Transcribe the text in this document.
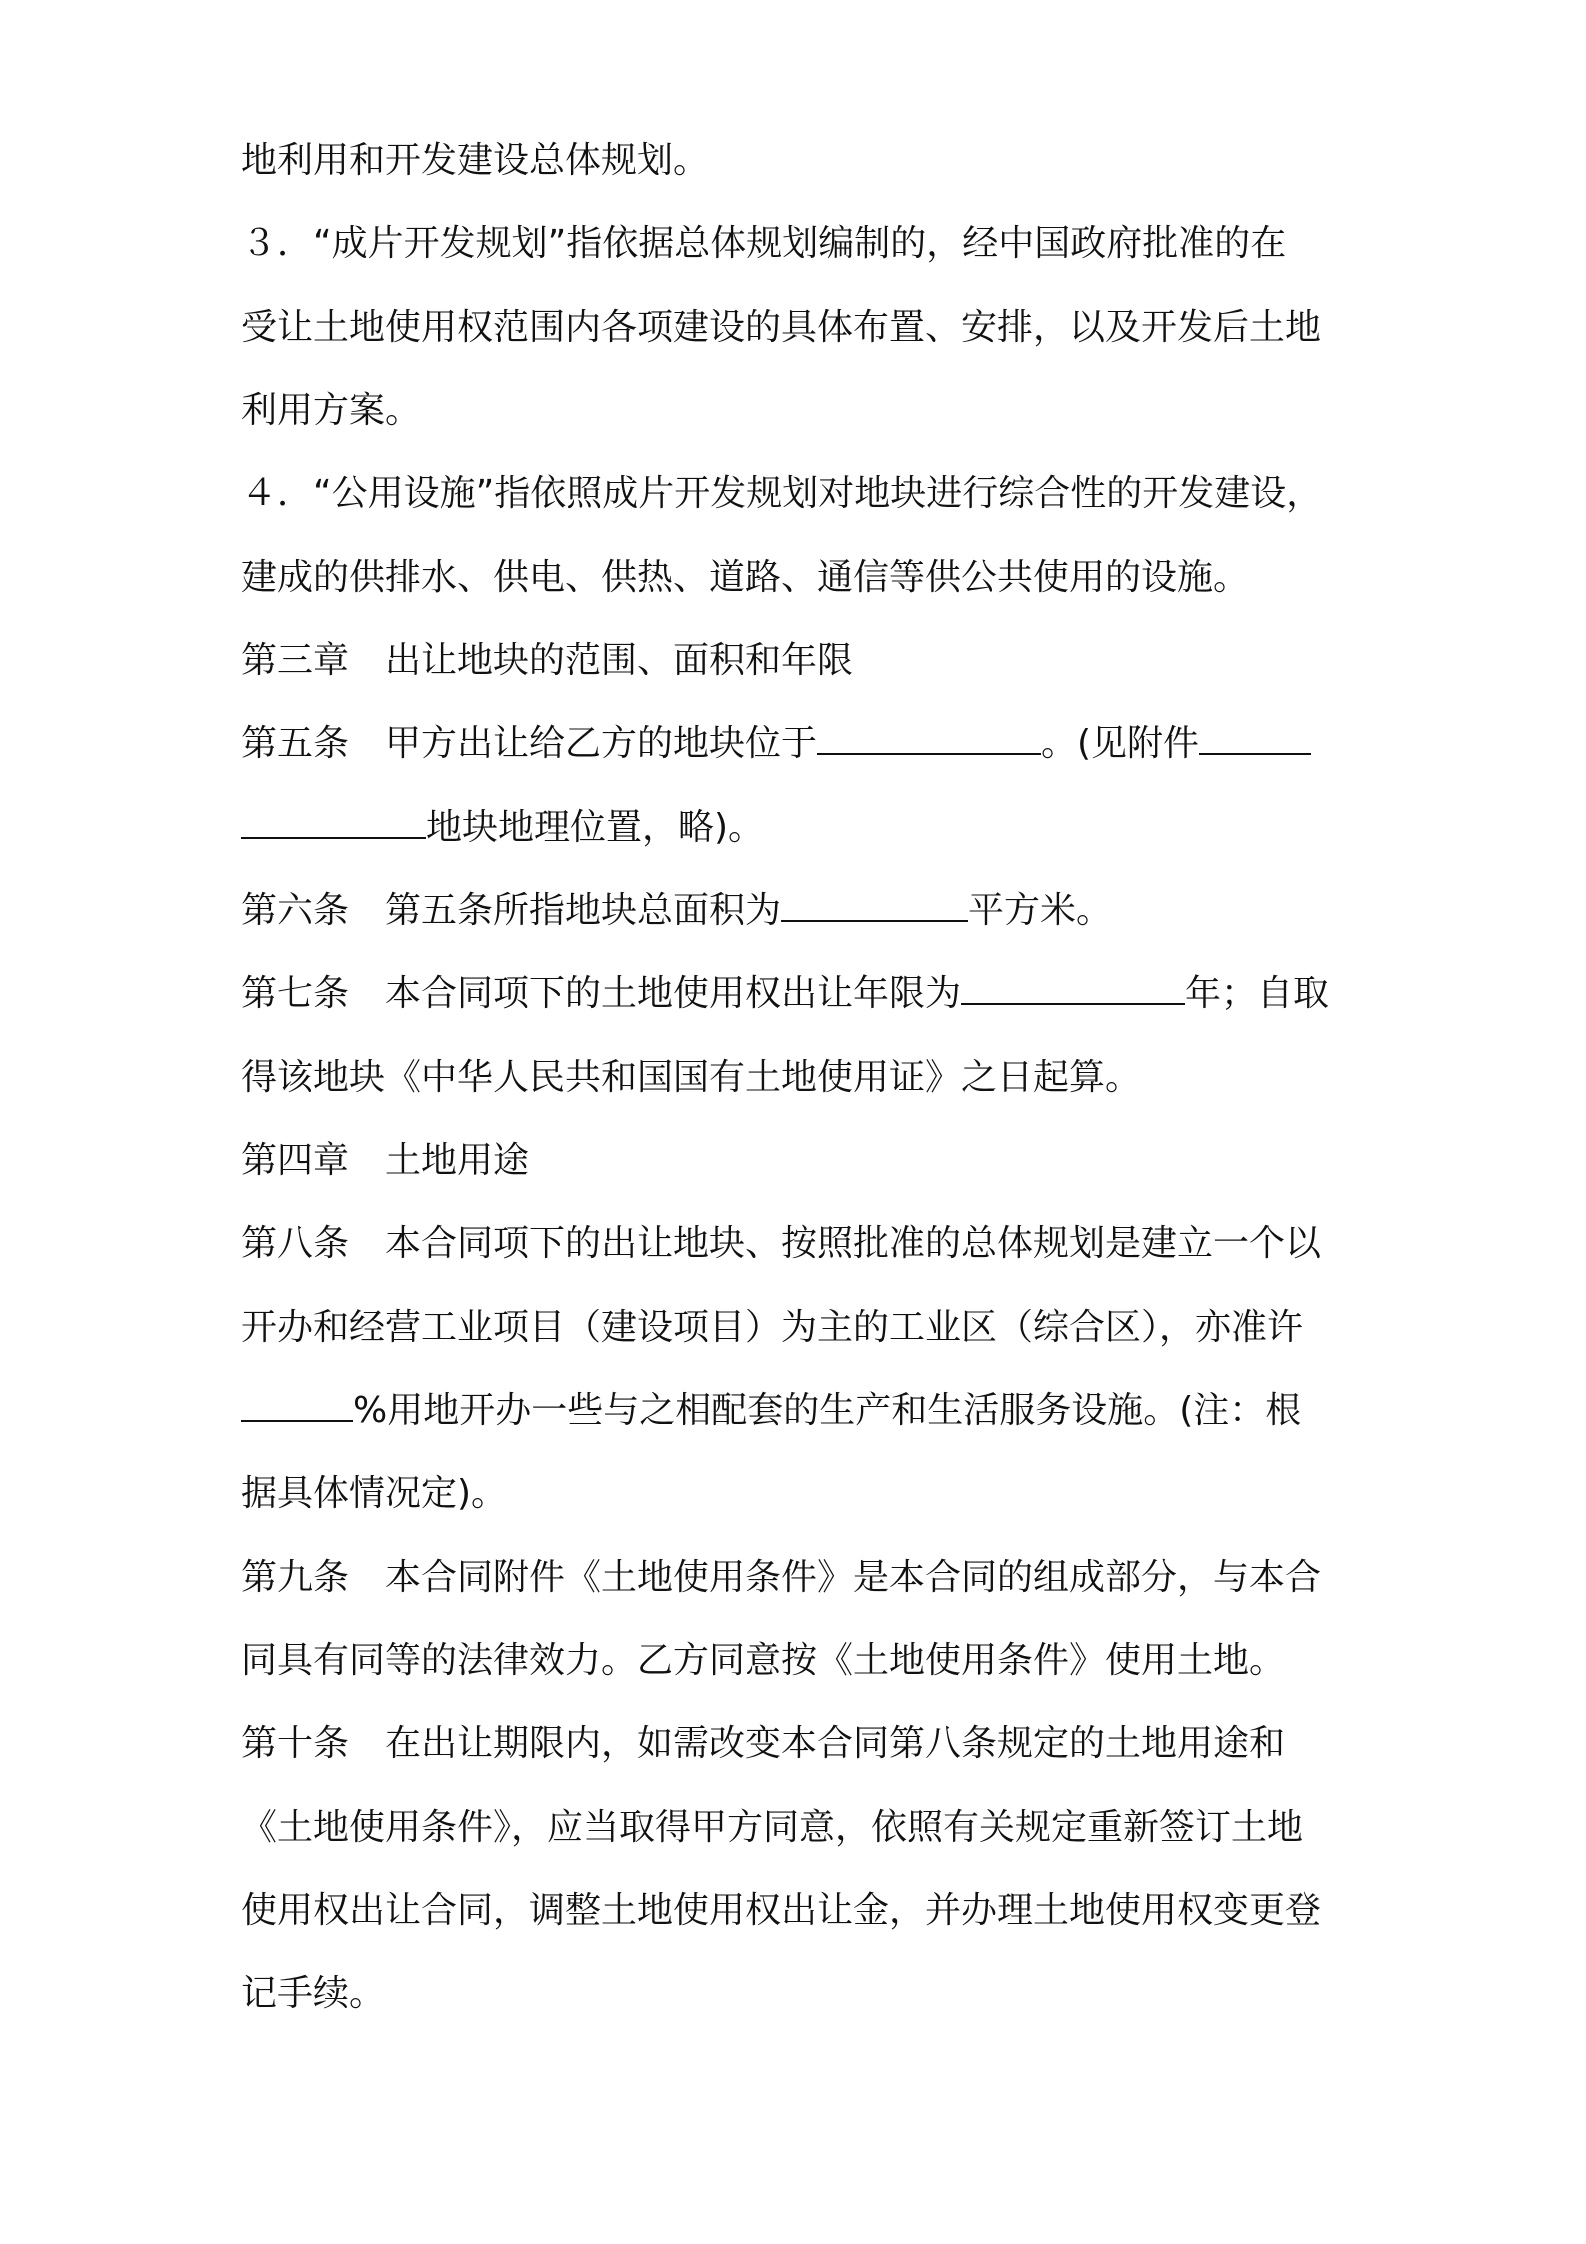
地利用和开发建设总体规划。
３．“成片开发规划”指依据总体规划编制的，经中国政府批准的在
受让土地使用权范围内各项建设的具体布置、安排，以及开发后土地
利用方案。
４．“公用设施”指依照成片开发规划对地块进行综合性的开发建设，
建成的供排水、供电、供热、道路、通信等供公共使用的设施。
第三章　出让地块的范围、面积和年限
第五条　甲方出让给乙方的地块位于	。(见附件
地块地理位置，略)。
第六条　第五条所指地块总面积为	平方米。
第七条　本合同项下的土地使用权出让年限为	年；自取
得该地块《中华人民共和国国有土地使用证》之日起算。
第四章　土地用途
第八条　本合同项下的出让地块、按照批准的总体规划是建立一个以
开办和经营工业项目（建设项目）为主的工业区（综合区），亦准许
%用地开办一些与之相配套的生产和生活服务设施。(注：根
据具体情况定)。
第九条　本合同附件《土地使用条件》是本合同的组成部分，与本合
同具有同等的法律效力。乙方同意按《土地使用条件》使用土地。
第十条　在出让期限内，如需改变本合同第八条规定的土地用途和
《土地使用条件》，应当取得甲方同意，依照有关规定重新签订土地
使用权出让合同，调整土地使用权出让金，并办理土地使用权变更登
记手续。
